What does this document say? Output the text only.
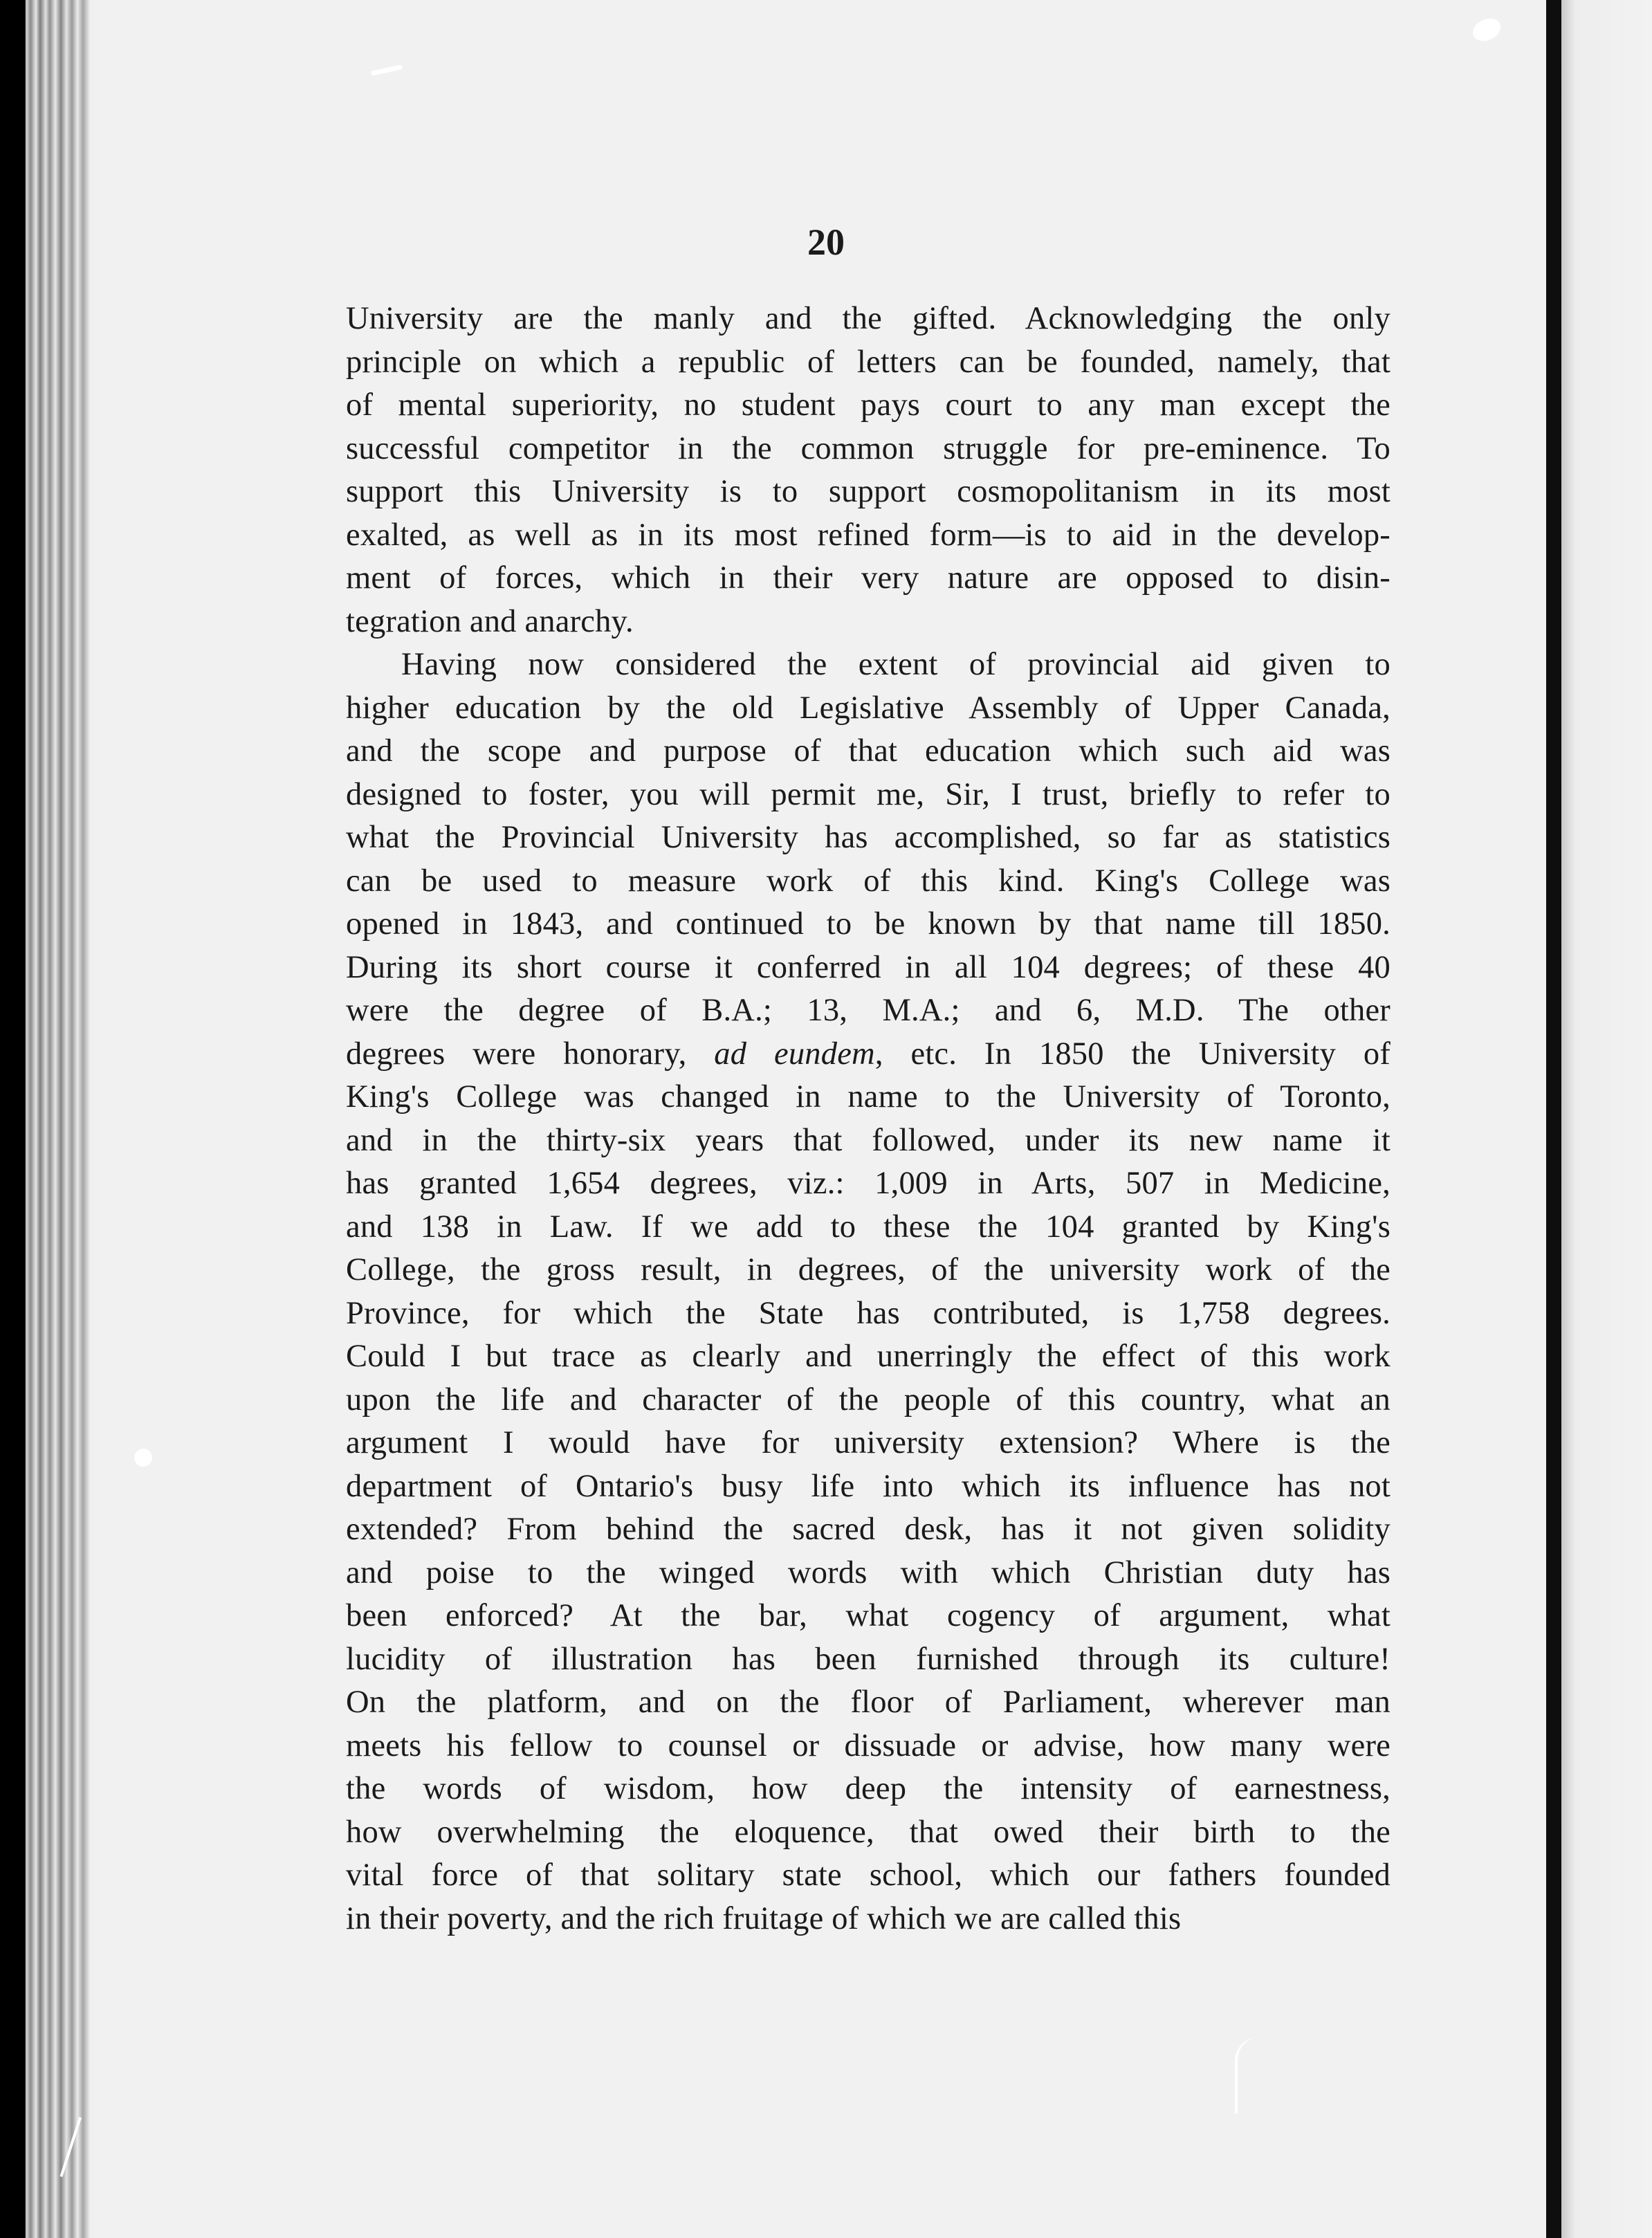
20

University are the manly and the gifted. Acknowledging the only
principle on which a republic of letters can be founded, namely, that
of mental superiority, no student pays court to any man except the
successful competitor in the common struggle for pre-eminence. To
support this University is to support cosmopolitanism in its most
exalted, as well as in its most refined form—is to aid in the develop-
ment of forces, which in their very nature are opposed to disin-
tegration and anarchy.

Having now considered the extent of provincial aid given to
higher education by the old Legislative Assembly of Upper Canada,
and the scope and purpose of that education which such aid was
designed to foster, you will permit me, Sir, I trust, briefly to refer to
what the Provincial University has accomplished, so far as statistics
can be used to measure work of this kind. King's College was
opened in 1843, and continued to be known by that name till 1850.
During its short course it conferred in all 104 degrees; of these 40
were the degree of B.A.; 13, M.A.; and 6, M.D. The other
degrees were honorary, ad eundem, etc. In 1850 the University of
King's College was changed in name to the University of Toronto,
and in the thirty-six years that followed, under its new name it
has granted 1,654 degrees, viz.: 1,009 in Arts, 507 in Medicine,
and 138 in Law. If we add to these the 104 granted by King's
College, the gross result, in degrees, of the university work of the
Province, for which the State has contributed, is 1,758 degrees.
Could I but trace as clearly and unerringly the effect of this work
upon the life and character of the people of this country, what an
argument I would have for university extension? Where is the
department of Ontario's busy life into which its influence has not
extended? From behind the sacred desk, has it not given solidity
and poise to the winged words with which Christian duty has
been enforced? At the bar, what cogency of argument, what
lucidity of illustration has been furnished through its culture!
On the platform, and on the floor of Parliament, wherever man
meets his fellow to counsel or dissuade or advise, how many were
the words of wisdom, how deep the intensity of earnestness,
how overwhelming the eloquence, that owed their birth to the
vital force of that solitary state school, which our fathers founded
in their poverty, and the rich fruitage of which we are called this
